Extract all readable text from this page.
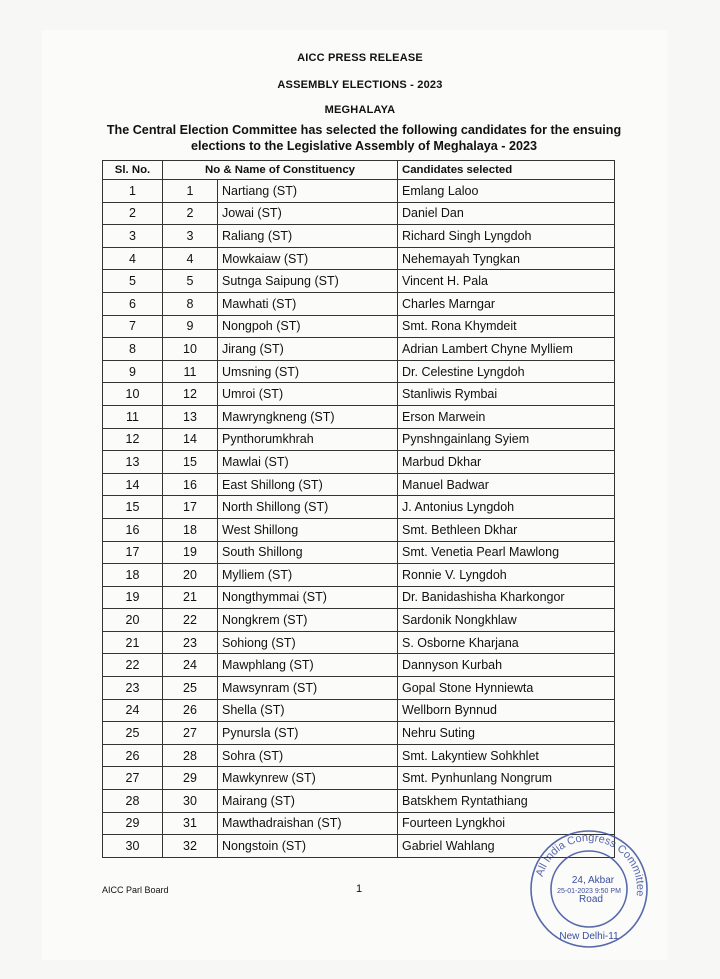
AICC PRESS RELEASE
ASSEMBLY ELECTIONS - 2023
MEGHALAYA
The Central Election Committee has selected the following candidates for the ensuing elections to the Legislative Assembly of Meghalaya - 2023
Sl. No.	No & Name of Constituency		Candidates selected
1	1	Nartiang (ST)	Emlang Laloo
2	2	Jowai (ST)	Daniel Dan
3	3	Raliang (ST)	Richard Singh Lyngdoh
4	4	Mowkaiaw (ST)	Nehemayah Tyngkan
5	5	Sutnga Saipung (ST)	Vincent H. Pala
6	8	Mawhati (ST)	Charles Marngar
7	9	Nongpoh (ST)	Smt. Rona Khymdeit
8	10	Jirang (ST)	Adrian Lambert Chyne Mylliem
9	11	Umsning (ST)	Dr. Celestine Lyngdoh
10	12	Umroi (ST)	Stanliwis Rymbai
11	13	Mawryngkneng (ST)	Erson Marwein
12	14	Pynthorumkhrah	Pynshngainlang Syiem
13	15	Mawlai (ST)	Marbud Dkhar
14	16	East Shillong (ST)	Manuel Badwar
15	17	North Shillong (ST)	J. Antonius Lyngdoh
16	18	West Shillong	Smt. Bethleen Dkhar
17	19	South Shillong	Smt. Venetia Pearl Mawlong
18	20	Mylliem (ST)	Ronnie V. Lyngdoh
19	21	Nongthymmai (ST)	Dr. Banidashisha Kharkongor
20	22	Nongkrem (ST)	Sardonik Nongkhlaw
21	23	Sohiong (ST)	S. Osborne Kharjana
22	24	Mawphlang (ST)	Dannyson Kurbah
23	25	Mawsynram (ST)	Gopal Stone Hynniewta
24	26	Shella (ST)	Wellborn Bynnud
25	27	Pynursla (ST)	Nehru Suting
26	28	Sohra (ST)	Smt. Lakyntiew Sohkhlet
27	29	Mawkynrew (ST)	Smt. Pynhunlang Nongrum
28	30	Mairang (ST)	Batskhem Ryntathiang
29	31	Mawthadraishan (ST)	Fourteen Lyngkhoi
30	32	Nongstoin (ST)	Gabriel Wahlang
AICC Parl Board	1
All India Congress Committee
24, Akbar
25-01-2023 9:50 PM
Road
New Delhi-11
